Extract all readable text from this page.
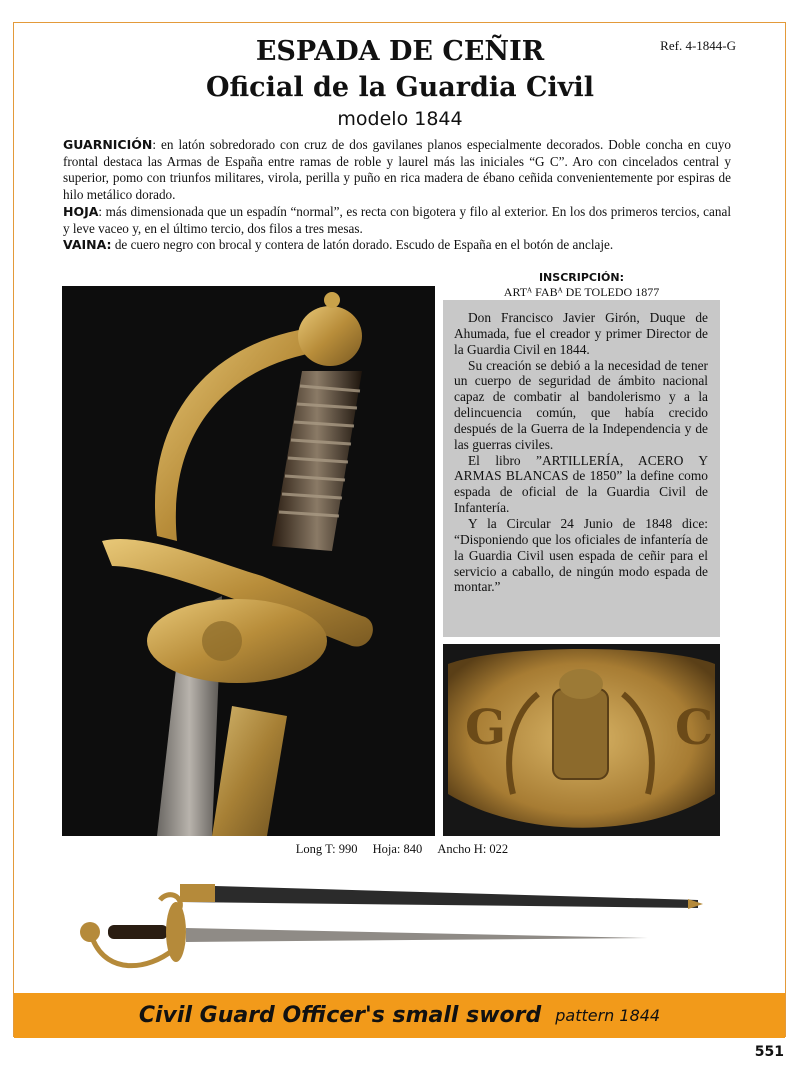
Ref. 4-1844-G
ESPADA DE CEÑIR
Oficial de la Guardia Civil
modelo 1844

GUARNICIÓN: en latón sobredorado con cruz de dos gavilanes planos especialmente decorados. Doble concha en cuyo frontal destaca las Armas de España entre ramas de roble y laurel más las iniciales “G C”. Aro con cincelados central y superior, pomo con triunfos militares, virola, perilla y puño en rica madera de ébano ceñida convenientemente por espiras de hilo metálico dorado.

HOJA: más dimensionada que un espadín “normal”, es recta con bigotera y filo al exterior. En los dos primeros tercios, canal y leve vaceo y, en el último tercio, dos filos a tres mesas.

VAINA: de cuero negro con brocal y contera de latón dorado. Escudo de España en el botón de anclaje.

INSCRIPCIÓN:
ARTᴬ FABᴬ DE TOLEDO 1877

Don Francisco Javier Girón, Duque de Ahumada, fue el creador y primer Director de la Guardia Civil en 1844.

Su creación se debió a la necesidad de tener un cuerpo de seguridad de ámbito nacional capaz de combatir al bandolerismo y a la delincuencia común, que había crecido después de la Guerra de la Independencia y de las guerras civiles.

El libro ”ARTILLERÍA, ACERO Y ARMAS BLANCAS de 1850” la define como espada de oficial de la Guardia Civil de Infantería.

Y la Circular 24 Junio de 1848 dice: “Disponiendo que los oficiales de infantería de la Guardia Civil usen espada de ceñir para el servicio a caballo, de ningún modo espada de montar.”

G	C
Long T: 990 Hoja: 840 Ancho H: 022
Civil Guard Officer's small sword pattern 1844
551
